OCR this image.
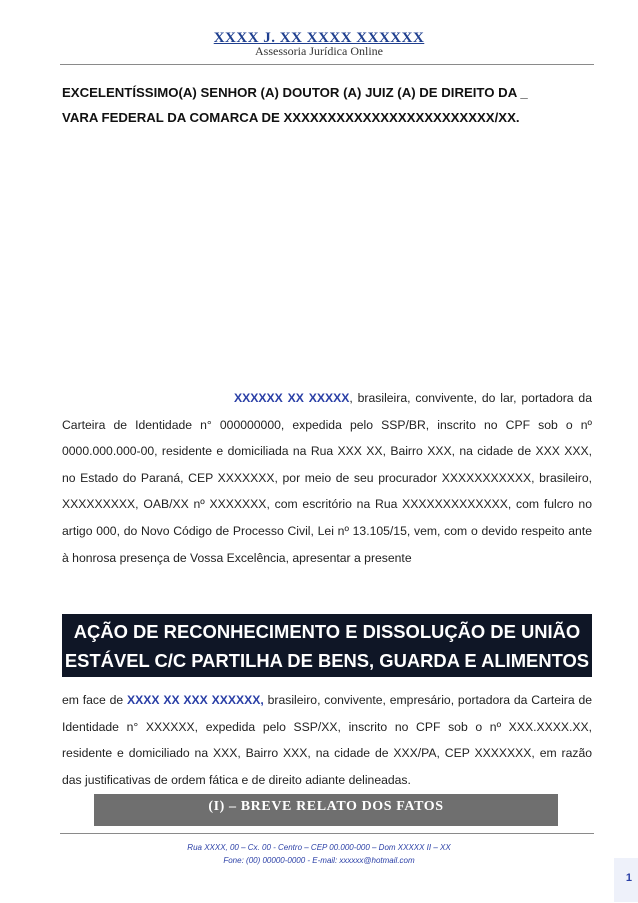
XXXX J. XX XXXX XXXXXX
Assessoria Jurídica Online
EXCELENTÍSSIMO(A) SENHOR (A) DOUTOR (A) JUIZ (A) DE DIREITO DA _
VARA FEDERAL DA COMARCA DE XXXXXXXXXXXXXXXXXXXXXXXX/XX.
XXXXXX XX XXXXX, brasileira, convivente, do lar, portadora da Carteira de Identidade n° 000000000, expedida pelo SSP/BR, inscrito no CPF sob o nº 0000.000.000-00, residente e domiciliada na Rua XXX XX, Bairro XXX, na cidade de XXX XXX, no Estado do Paraná, CEP XXXXXXX, por meio de seu procurador XXXXXXXXXXX, brasileiro, XXXXXXXXX, OAB/XX nº XXXXXXX, com escritório na Rua XXXXXXXXXXXXX, com fulcro no artigo 000, do Novo Código de Processo Civil, Lei nº 13.105/15, vem, com o devido respeito ante à honrosa presença de Vossa Excelência, apresentar a presente
AÇÃO DE RECONHECIMENTO E DISSOLUÇÃO DE UNIÃO
ESTÁVEL C/C PARTILHA DE BENS, GUARDA E ALIMENTOS
em face de XXXX XX XXX XXXXXX, brasileiro, convivente, empresário, portadora da Carteira de Identidade n° XXXXXX, expedida pelo SSP/XX, inscrito no CPF sob o nº XXX.XXXX.XX, residente e domiciliado na XXX, Bairro XXX, na cidade de XXX/PA, CEP XXXXXXX, em razão das justificativas de ordem fática e de direito adiante delineadas.
(I) – BREVE RELATO DOS FATOS
Rua XXXX, 00 – Cx. 00 - Centro – CEP 00.000-000 – Dom XXXXX II – XX
Fone: (00) 00000-0000 - E-mail: xxxxxx@hotmail.com
1
